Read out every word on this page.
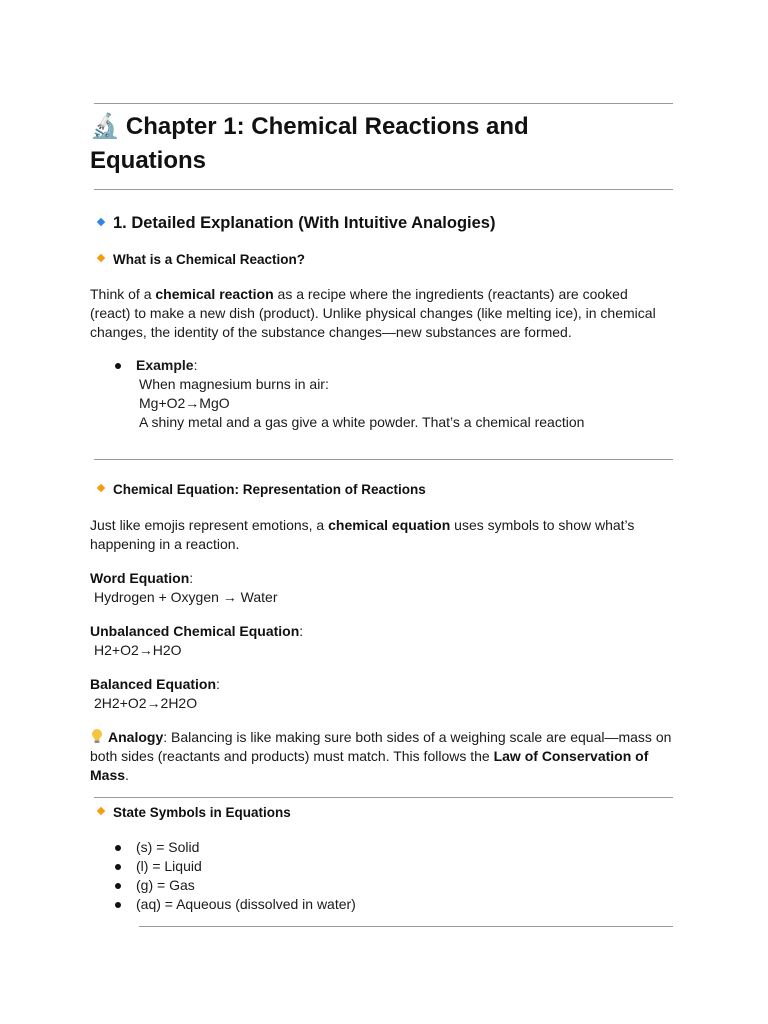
🔬 Chapter 1: Chemical Reactions and Equations
1. Detailed Explanation (With Intuitive Analogies)
What is a Chemical Reaction?
Think of a chemical reaction as a recipe where the ingredients (reactants) are cooked (react) to make a new dish (product). Unlike physical changes (like melting ice), in chemical changes, the identity of the substance changes—new substances are formed.
Example:
When magnesium burns in air:
Mg+O2→MgO
A shiny metal and a gas give a white powder. That’s a chemical reaction
Chemical Equation: Representation of Reactions
Just like emojis represent emotions, a chemical equation uses symbols to show what’s happening in a reaction.
Word Equation:
Hydrogen + Oxygen → Water
Unbalanced Chemical Equation:
H2+O2→H2O
Balanced Equation:
2H2+O2→2H2O
Analogy: Balancing is like making sure both sides of a weighing scale are equal—mass on both sides (reactants and products) must match. This follows the Law of Conservation of Mass.
State Symbols in Equations
(s) = Solid
(l) = Liquid
(g) = Gas
(aq) = Aqueous (dissolved in water)
